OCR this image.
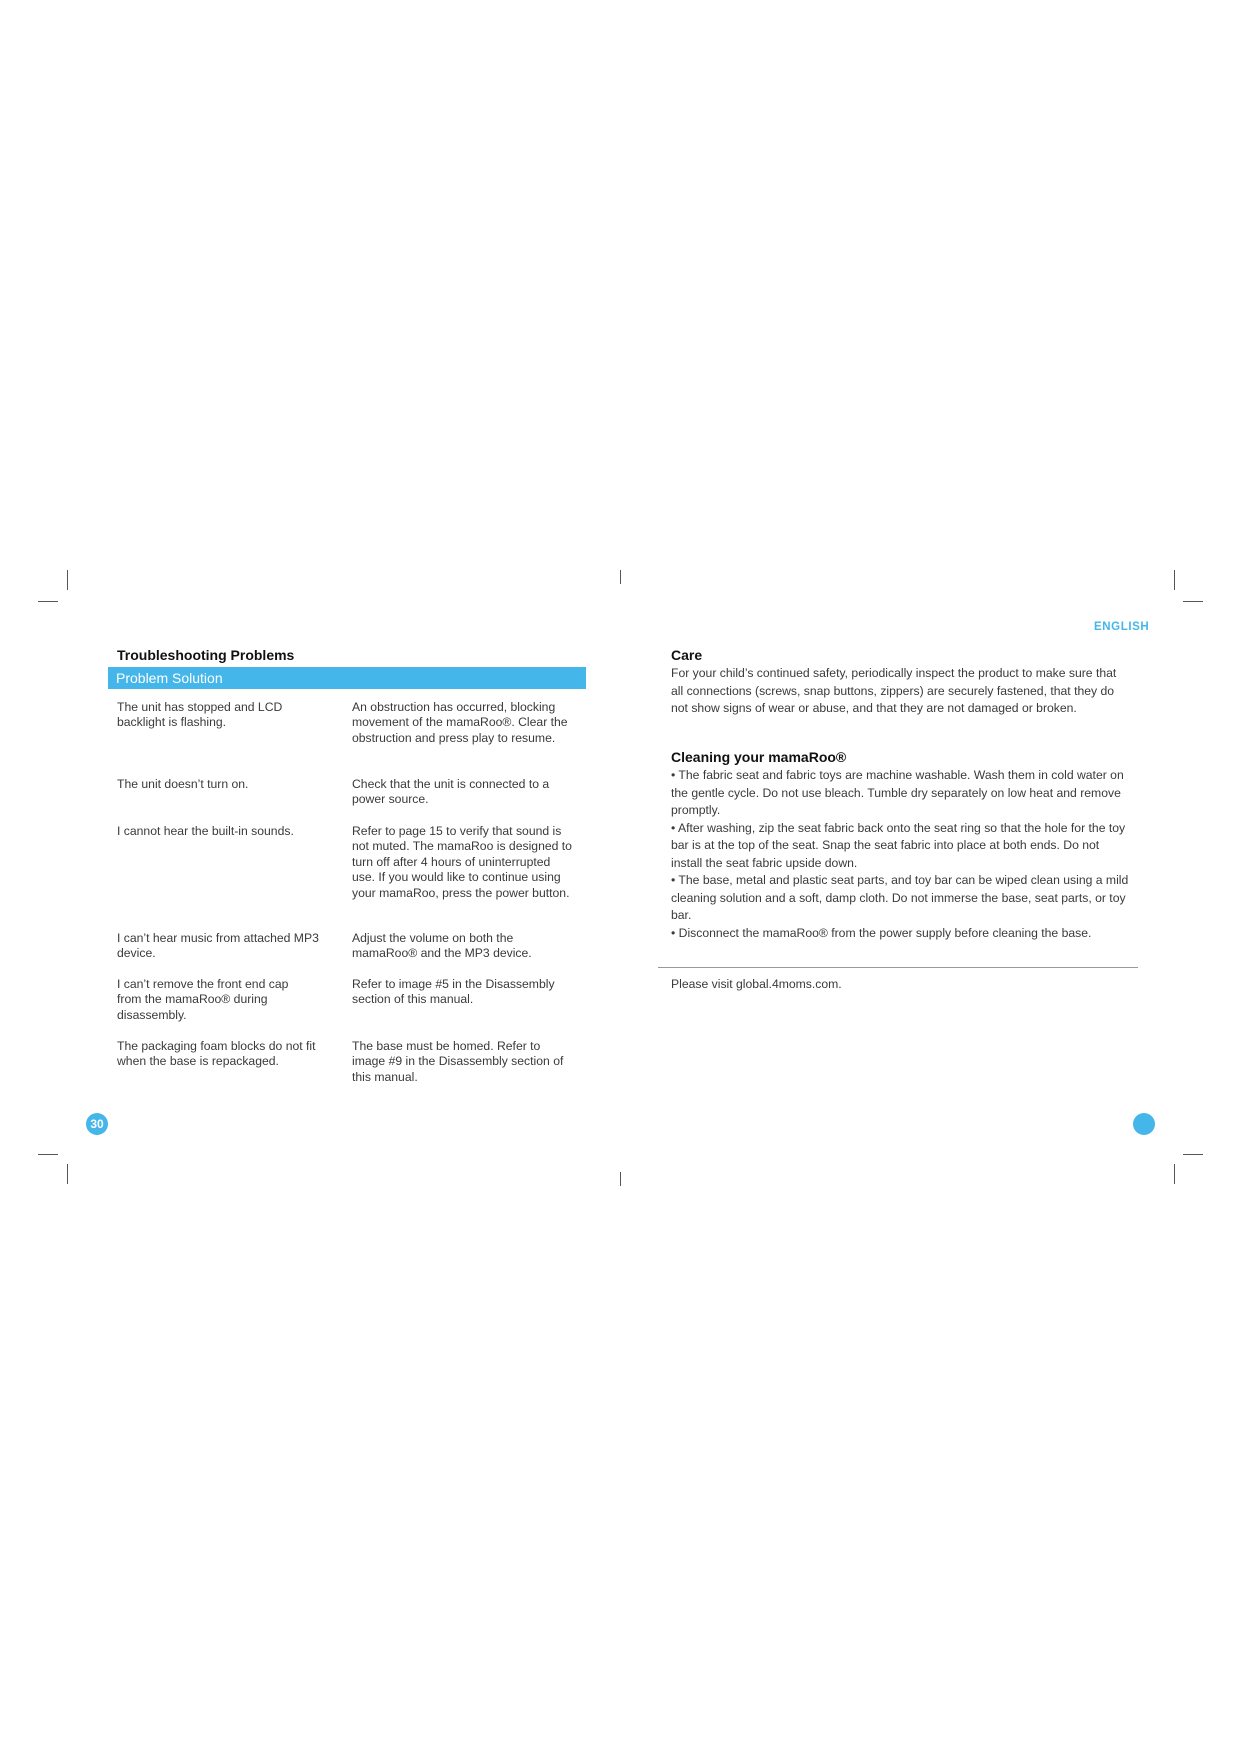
Troubleshooting Problems
Problem Solution
The unit has stopped and LCD backlight is flashing.
An obstruction has occurred, blocking movement of the mamaRoo®. Clear the obstruction and press play to resume.
The unit doesn’t turn on.	Check that the unit is connected to a power source.
I cannot hear the built-in sounds.	Refer to page 15 to verify that sound is not muted. The mamaRoo is designed to turn off after 4 hours of uninterrupted use. If you would like to continue using your mamaRoo, press the power button.
I can’t hear music from attached MP3 device.
Adjust the volume on both the mamaRoo® and the MP3 device.
I can’t remove the front end cap from the mamaRoo® during disassembly.
Refer to image #5 in the Disassembly section of this manual.
The packaging foam blocks do not fit when the base is repackaged.
The base must be homed. Refer to image #9 in the Disassembly section of this manual.
30
ENGLISH
Care
For your child’s continued safety, periodically inspect the product to make sure that all connections (screws, snap buttons, zippers) are securely fastened, that they do not show signs of wear or abuse, and that they are not damaged or broken.
Cleaning your mamaRoo®
• The fabric seat and fabric toys are machine washable. Wash them in cold water on the gentle cycle. Do not use bleach. Tumble dry separately on low heat and remove promptly.
• After washing, zip the seat fabric back onto the seat ring so that the hole for the toy bar is at the top of the seat. Snap the seat fabric into place at both ends. Do not install the seat fabric upside down.
• The base, metal and plastic seat parts, and toy bar can be wiped clean using a mild cleaning solution and a soft, damp cloth. Do not immerse the base, seat parts, or toy bar.
• Disconnect the mamaRoo® from the power supply before cleaning the base.
Please visit global.4moms.com.
